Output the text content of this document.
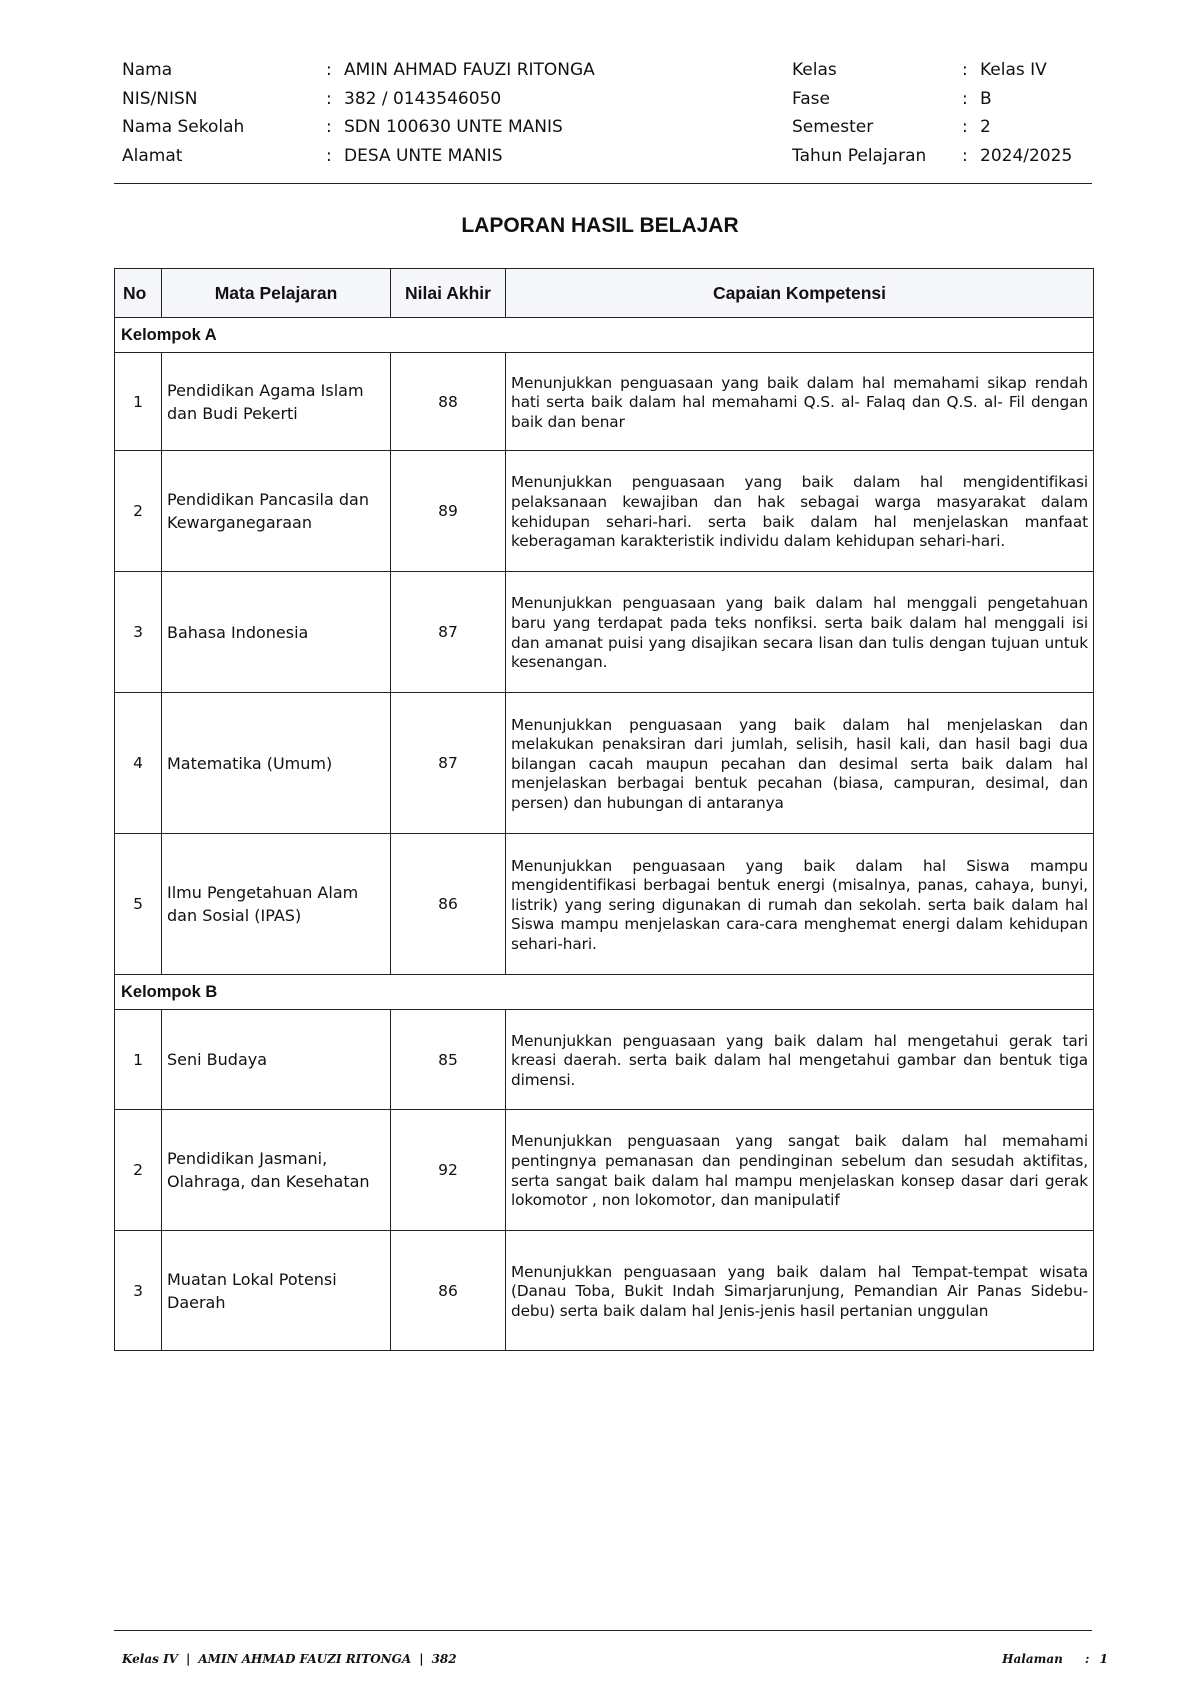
Nama	: AMIN AHMAD FAUZI RITONGA	Kelas	: Kelas IV
NIS/NISN	: 382 / 0143546050	Fase	: B
Nama Sekolah	: SDN 100630 UNTE MANIS	Semester	: 2
Alamat	: DESA UNTE MANIS	Tahun Pelajaran : 2024/2025
LAPORAN HASIL BELAJAR
No	Mata Pelajaran	Nilai Akhir	Capaian Kompetensi
Kelompok A			
1	Pendidikan Agama Islam dan Budi Pekerti	88	Menunjukkan penguasaan yang baik dalam hal memahami sikap rendah hati serta baik dalam hal memahami Q.S. al- Falaq dan Q.S. al- Fil dengan baik dan benar
2	Pendidikan Pancasila dan Kewarganegaraan	89	Menunjukkan penguasaan yang baik dalam hal mengidentifikasi pelaksanaan kewajiban dan hak sebagai warga masyarakat dalam kehidupan sehari-hari. serta baik dalam hal menjelaskan manfaat keberagaman karakteristik individu dalam kehidupan sehari-hari.
3	Bahasa Indonesia	87	Menunjukkan penguasaan yang baik dalam hal menggali pengetahuan baru yang terdapat pada teks nonfiksi. serta baik dalam hal menggali isi dan amanat puisi yang disajikan secara lisan dan tulis dengan tujuan untuk kesenangan.
4	Matematika (Umum)	87	Menunjukkan penguasaan yang baik dalam hal menjelaskan dan melakukan penaksiran dari jumlah, selisih, hasil kali, dan hasil bagi dua bilangan cacah maupun pecahan dan desimal serta baik dalam hal menjelaskan berbagai bentuk pecahan (biasa, campuran, desimal, dan persen) dan hubungan di antaranya
5	Ilmu Pengetahuan Alam dan Sosial (IPAS)	86	Menunjukkan penguasaan yang baik dalam hal Siswa mampu mengidentifikasi berbagai bentuk energi (misalnya, panas, cahaya, bunyi, listrik) yang sering digunakan di rumah dan sekolah. serta baik dalam hal Siswa mampu menjelaskan cara-cara menghemat energi dalam kehidupan sehari-hari.
Kelompok B			
1	Seni Budaya	85	Menunjukkan penguasaan yang baik dalam hal mengetahui gerak tari kreasi daerah. serta baik dalam hal mengetahui gambar dan bentuk tiga dimensi.
2	Pendidikan Jasmani, Olahraga, dan Kesehatan	92	Menunjukkan penguasaan yang sangat baik dalam hal memahami pentingnya pemanasan dan pendinginan sebelum dan sesudah aktifitas, serta sangat baik dalam hal mampu menjelaskan konsep dasar dari gerak lokomotor , non lokomotor, dan manipulatif
3	Muatan Lokal Potensi Daerah	86	Menunjukkan penguasaan yang baik dalam hal Tempat-tempat wisata (Danau Toba, Bukit Indah Simarjarunjung, Pemandian Air Panas Sidebu-debu) serta baik dalam hal Jenis-jenis hasil pertanian unggulan
Kelas IV | AMIN AHMAD FAUZI RITONGA | 382	Halaman : 1
